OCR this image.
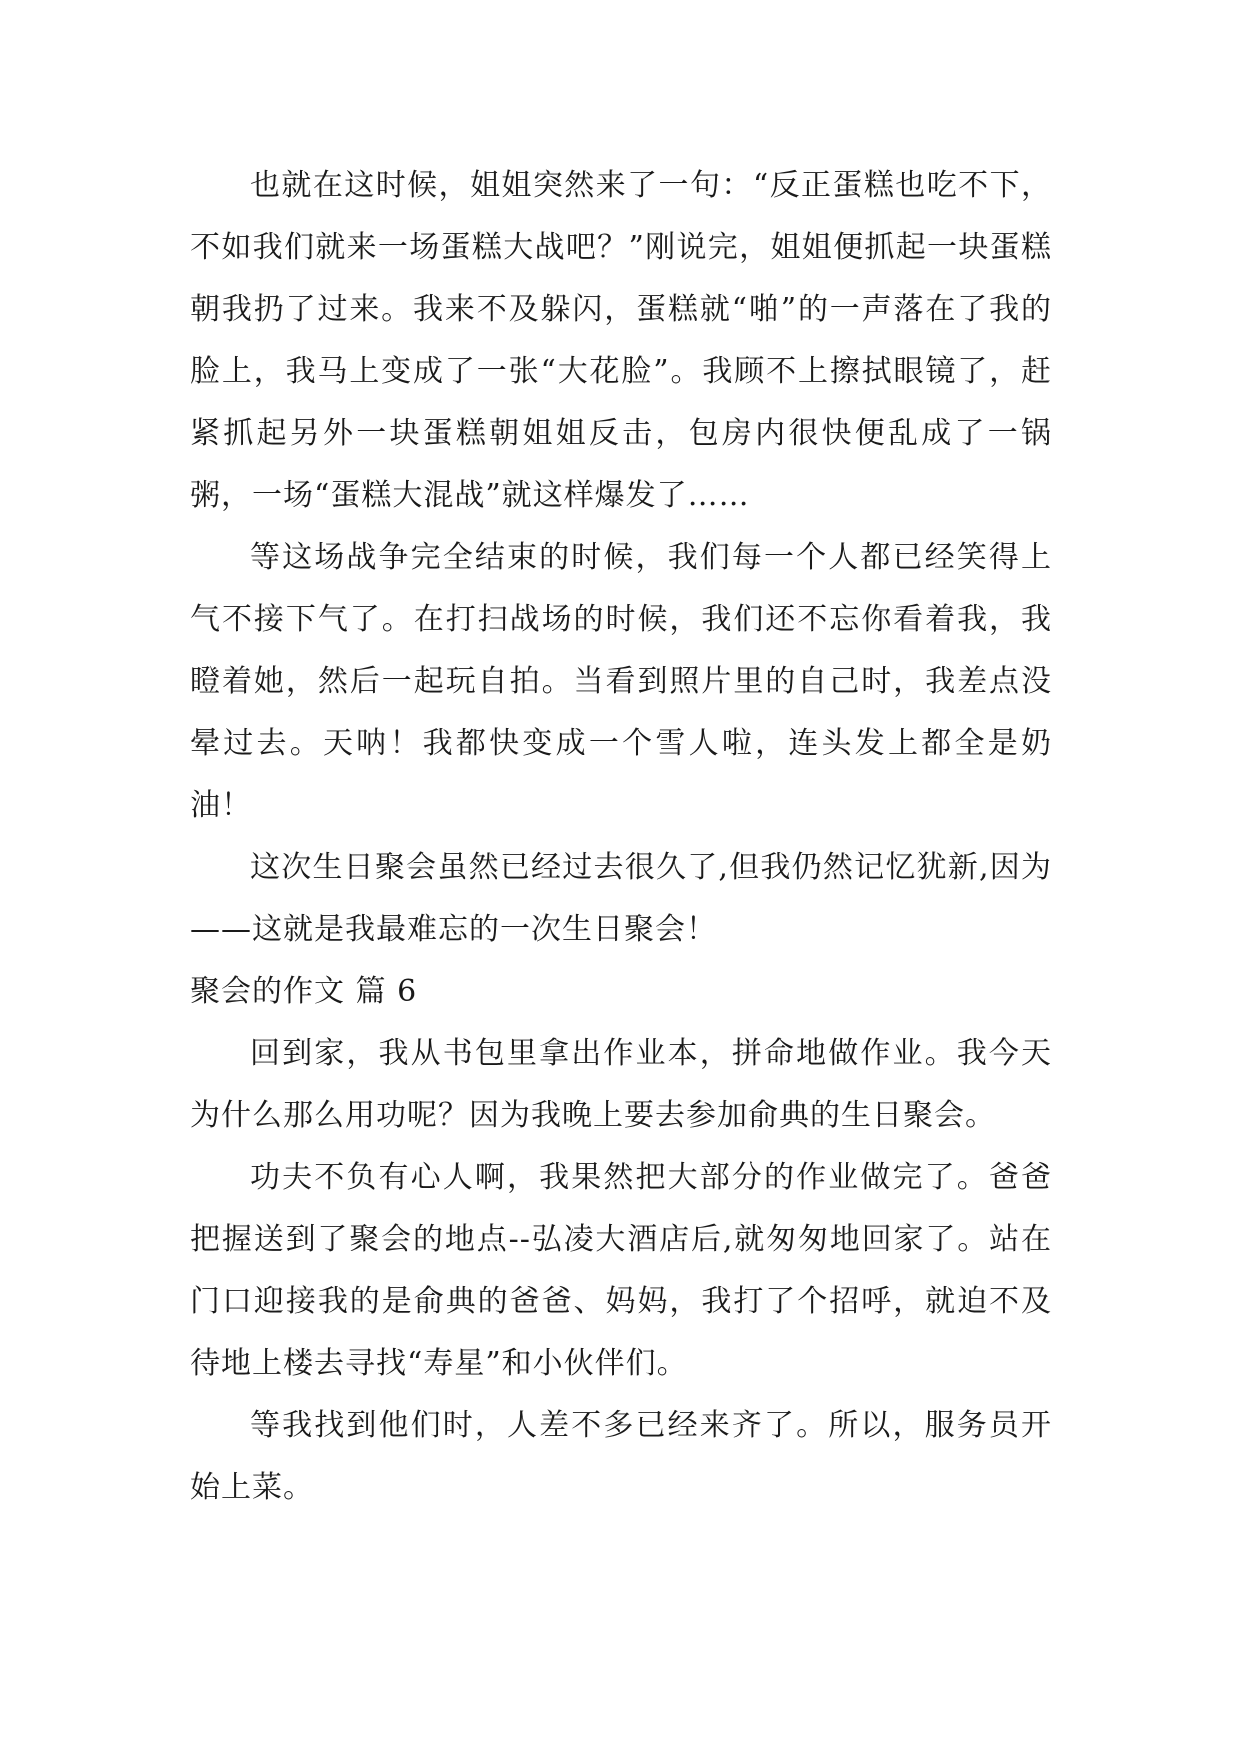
也就在这时候，姐姐突然来了一句：“反正蛋糕也吃不下，不如我们就来一场蛋糕大战吧？”刚说完，姐姐便抓起一块蛋糕朝我扔了过来。我来不及躲闪，蛋糕就“啪”的一声落在了我的脸上，我马上变成了一张“大花脸”。我顾不上擦拭眼镜了，赶紧抓起另外一块蛋糕朝姐姐反击，包房内很快便乱成了一锅粥，一场“蛋糕大混战”就这样爆发了……

等这场战争完全结束的时候，我们每一个人都已经笑得上气不接下气了。在打扫战场的时候，我们还不忘你看着我，我瞪着她，然后一起玩自拍。当看到照片里的自己时，我差点没晕过去。天呐！我都快变成一个雪人啦，连头发上都全是奶油！

这次生日聚会虽然已经过去很久了,但我仍然记忆犹新,因为——这就是我最难忘的一次生日聚会！

聚会的作文 篇 6

回到家，我从书包里拿出作业本，拼命地做作业。我今天为什么那么用功呢？因为我晚上要去参加俞典的生日聚会。

功夫不负有心人啊，我果然把大部分的作业做完了。爸爸把握送到了聚会的地点--弘凌大酒店后,就匆匆地回家了。站在门口迎接我的是俞典的爸爸、妈妈，我打了个招呼，就迫不及待地上楼去寻找“寿星”和小伙伴们。

等我找到他们时，人差不多已经来齐了。所以，服务员开始上菜。
